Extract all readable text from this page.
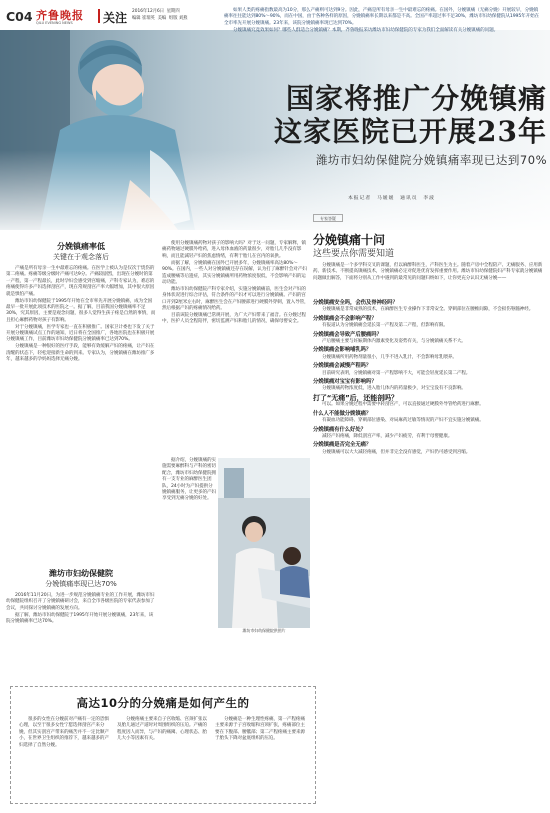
C04 齐鲁晚报
QILU EVENING NEWS	关注 2016年12月6日 星期四
编辑 崔瑞英 美编 组版 刘燕

如果人类的疼痛指数最高为10分，那么产痛则可达到9分。因此，产痛是所有母亲一生中最难忘的疼痛。在国外，分娩镇痛（无痛分娩）开展较早，分娩镇痛率往往能达到80%～90%，而在中国，由于各种各样的原因，分娩镇痛率长期以来都是不高。全国产率超过率不足30%，潍坊市妇幼保健院从1995年开始在全市率先开展分娩镇痛。23年来，该院分娩镇痛率现已达到70%。

分娩镇痛究竟效果如何？哪些人群适合分娩镇痛？本期，齐鲁晚报采访潍坊市妇幼保健院的专家为我们全面解读有关分娩镇痛的问题。

国家将推广分娩镇痛
这家医院已开展23年
潍坊市妇幼保健院分娩镇痛率现已达到70%
本报记者　马媛媛　通讯员　李波
分娩镇痛率低
关键在于观念落后

产痛是所有母亲一生中最难忘的疼痛。在医学上被认为是仅次于烧伤的第二疼痛。疼痛等级分级时产痛可达9分。产痛较剧烈，出现在分娩时的第一产程，第一产程最长，此时孕妇会感受到宫缩痛，产科专家认为，难忍的疼痛使得许多产妇选择剖宫产，现在常规剖宫产率大幅增加，其中很大原因就是惧怕产痛。

潍坊市妇幼保健院于1995年开始在全市率先开展分娩镇痛，成为全国最早一批开展此项技术的医院之一。据了解，目前我国分娩镇痛率不足30%，究其原因，主要是观念问题，很多人觉得生孩子疼是自然的事情，而且担心麻醉药物对孩子有影响。

对于分娩镇痛，医学专家也一直在积极推广。国家卫计委也下发了关于开展分娩镇痛试点工作的通知，近日将在全国推广，各地医院也在积极开展分娩镇痛工作，目前潍坊市妇幼保健院分娩镇痛率已达到70%。

分娩镇痛是一种很好的医疗手段，能够有效缓解产妇的疼痛，让产妇在清醒的状态下，轻松迎接新生命的到来。专家认为，分娩镇痛在潍坊推广多年，越来越多的孕妈妈选择无痛分娩。

潍坊市妇幼保健院
分娩镇痛率现已达70%

2016年11月20日，为进一步规范分娩镇痛专业的工作开展，潍坊市妇幼保健院组织召开了分娩镇痛研讨会，来自全市各级医院的专家代表参加了会议，共同探讨分娩镇痛的发展方向。

据了解，潍坊市妇幼保健院于1995年开始开展分娩镇痛，23年来，该院分娩镇痛率已达70%。

使用分娩镇痛药物对孩子的影响大吗？对于这一问题，专家解释，镇痛药物通过硬膜外给药，进入母体血液的药量很少，对胎儿几乎没有影响，而且能减轻产妇的焦虑情绪，有利于胎儿在宫内的氧供。

而据了解，分娩镇痛在国外已开展多年，分娩镇痛率高达80%～90%。在国内，一些人对分娩镇痛还存在误解，认为打了麻醉针会对产妇造成腰痛等后遗症，其实分娩镇痛所用药物浓度很低，不会影响产妇的运动功能。

潍坊市妇幼保健院产科专家介绍，实施分娩镇痛前，医生会对产妇的身体状况进行综合评估，符合条件的产妇才可以进行分娩镇痛。产妇的宫口开到2厘米左右时，麻醉医生会在产妇腰部进行硬膜外穿刺，置入导管，然后根据产妇的疼痛情况给药。

目前该院分娩镇痛已常规开展，为广大产妇带来了福音。在分娩过程中，医护人员全程陪伴，密切监测产妇和胎儿的情况，确保母婴安全。

潍坊市妇幼保健院供图片

据介绍，分娩镇痛的实施需要麻醉科与产科的密切配合，潍坊市妇幼保健院拥有一支专业的麻醉医生团队，24小时为产妇提供分娩镇痛服务，让更多的产妇享受到无痛分娩的好处。

专家答疑
分娩镇痛十问
这些要点你需要知道

分娩镇痛是一个多学科交叉的课题，但以麻醉科医生，产科医生为主。随着产房中全程陪产、无痛服务、应用新药、新技术、不断提高镇痛技术，分娩镇痛必定对促进优育发挥重要作用。潍坊市妇幼保健院妇产科专家就分娩镇痛问题做出解答，下面将分别从工作中遇到的最常见的问题归纳如下，让你更充分认识无痛分娩——

分娩镇痛安全吗，会伤及脊神经吗？

分娩镇痛是非常成熟的技术，在麻醉医生专业操作下非常安全。穿刺部位在腰椎间隙，不会损伤脊髓神经。

分娩镇痛会不会影响产程？

有报道认为分娩镇痛会延长第一产程及第二产程，但影响有限。

分娩镇痛会导致产后腰痛吗？

产后腰痛主要与妊娠期体内激素变化及姿势有关，与分娩镇痛关系不大。

分娩镇痛会影响哺乳吗？

分娩镇痛所用药物剂量很小，几乎不进入乳汁，不会影响母乳喂养。

分娩镇痛会减慢产程吗？

目前研究表明，分娩镇痛对第一产程影响不大，可能会轻度延长第二产程。

分娩镇痛对宝宝有影响吗？

分娩镇痛药物浓度低，进入胎儿体内的药量极少，对宝宝没有不良影响。

打了“无痛”后，还能剖吗？

可以。如果分娩过程中需要中转剖宫产，可以直接通过硬膜外导管给药进行麻醉。

什么人不能做分娩镇痛？

有凝血功能障碍、穿刺部位感染、对局麻药过敏等情况的产妇不宜实施分娩镇痛。

分娩镇痛有什么好处？

减轻产妇疼痛，降低剖宫产率，减少产妇疲劳，有利于母婴健康。

分娩镇痛是否完全无痛？

分娩镇痛可以大大减轻疼痛，但并非完全没有感觉，产妇仍可感受到宫缩。

高达10分的分娩痛是如何产生的

很多的女性在分娩前对产痛有一定的恐惧心理，以至于很多女性宁愿选择剖宫产来分娩，但其实剖宫产带来的痛苦并不一定比顺产小，在世界卫生组织的推荐下，越来越多的产妇选择了自然分娩。

分娩疼痛主要来自子宫收缩、宫颈扩张以及胎儿通过产道时对周围组织的压迫。产痛的程度因人而异，与产妇的痛阈、心理状态、胎儿大小等因素有关。

分娩痛是一种生理性疼痛，第一产程疼痛主要来源于子宫收缩和宫颈扩张，疼痛部位主要在下腹部、腰骶部；第二产程疼痛主要来源于胎头下降对盆底组织的压迫。
